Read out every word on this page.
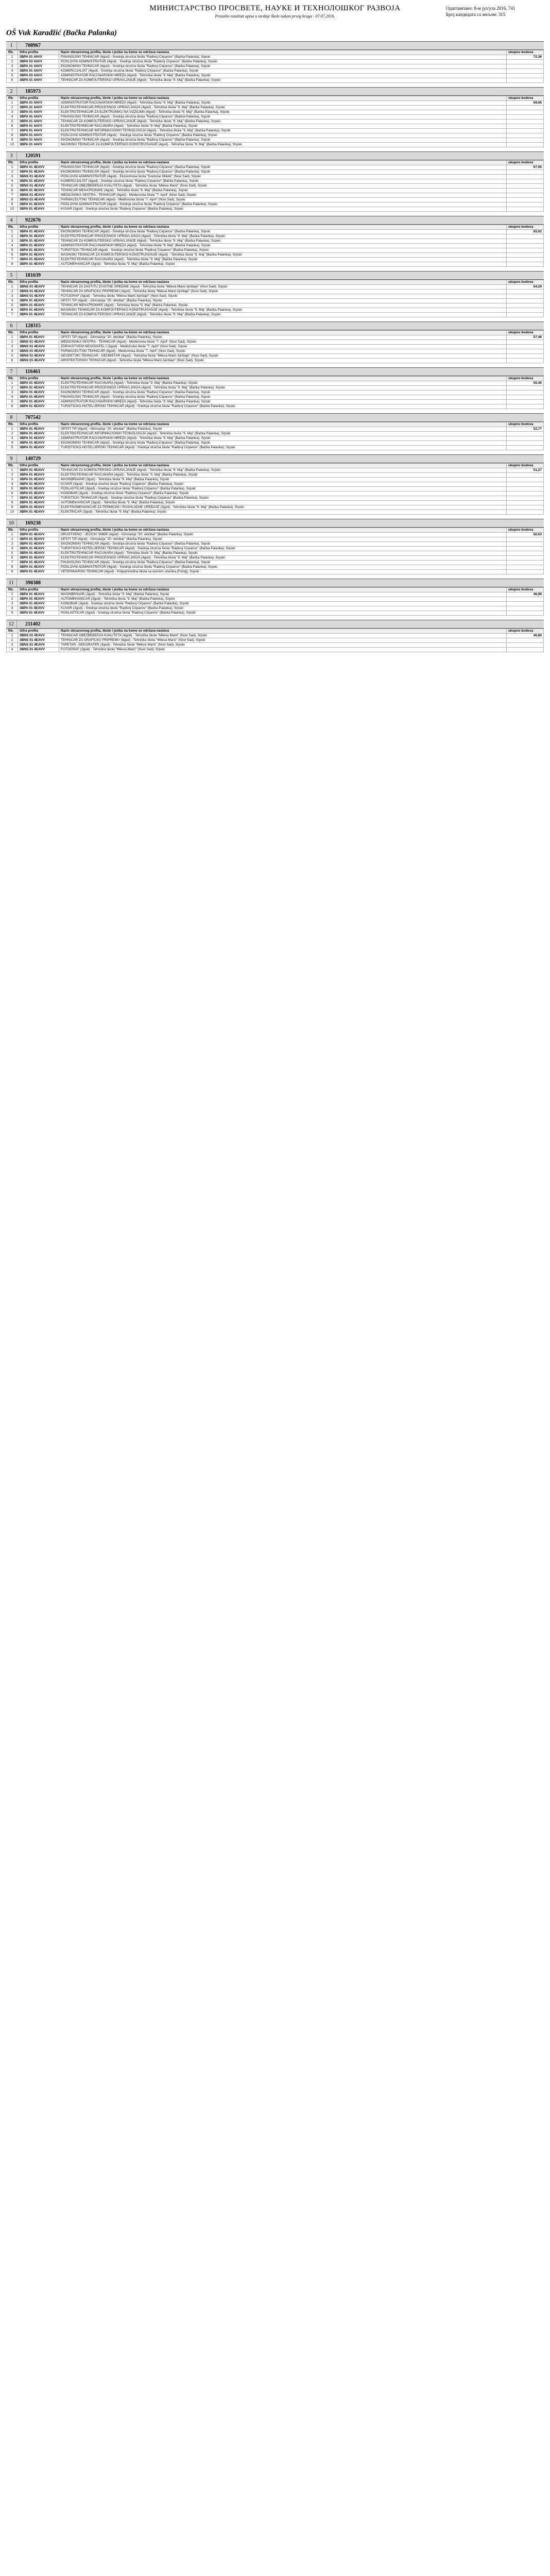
МИНИСТАРСТВО ПРОСВЕТЕ, НАУКЕ И ТЕХНОЛОШКОГ РАЗВОЈА
Pristalni rezultati upisa u srednje škole nakon prvog kruga - 07.07.2016.
Одштампано: 8-м јул/ула 2016, 741
Број кандидата са жељом: 315
OŠ Vuk Karadžić (Bačka Palanka)
1	708967
Rb.	Šifra profila	Naziv obrazovnog profila, škole i jezika na kome se održava nastava	ukupno bodova
1	3BPA 01 4AVV	FINANSIJSKI TEHNIČAR (4god) - Srednja stručna škola "Radivoj Ćirpanov" (Bačka Palanka), Srpski	72,36
2	3BPA 03 4AVV	POSLOVNI ADMINISTRATOR (4god) - Srednja stručna škola "Radivoj Ćirpanov" (Bačka Palanka), Srpski	
3	3BPA 01 4AVV	EKONOMSKI TEHNIČAR (4god) - Srednja stručna škola "Radivoj Ćirpanov" (Bačka Palanka), Srpski	
4	3BPA 01 4AVV	KOMERCIJALIST (4god) - Srednja stručna škola "Radivoj Ćirpanov" (Bačka Palanka), Srpski	
5	3BPA 03 4AVV	ADMINISTRATOR RAČUNARSKIH MREŽA (4god) - Tehnička škola "9. Maj" (Bačka Palanka), Srpski	
6	3BPA 01 4AVV	TEHNIČAR ZA KOMPJUTERSKO UPRAVLJANJE (4god) - Tehnička škola "9. Maj" (Bačka Palanka), Srpski	
2	185973
Rb.	Šifra profila	Naziv obrazovnog profila, škole i jezika na kome se održava nastava	ukupno bodova
1	3BPA 01 4AVV	ADMINISTRATOR RAČUNARSKIH MREŽA (4god) - Tehnička škola "9. Maj" (Bačka Palanka), Srpski	69,06
2	3BPA 01 4AVV	ELEKTROTEHNIČAR PROCESNOG UPRAVLJANJA (4god) - Tehnička škola "9. Maj" (Bačka Palanka), Srpski	
3	3BPA 01 4AVV	ELEKTROTEHNIČAR ZA ELEKTRONIKU NA VOZILIMA (4god) - Tehnička škola "9. Maj" (Bačka Palanka), Srpski	
4	3BPA 01 4AVV	FINANSIJSKI TEHNIČAR (4god) - Srednja stručna škola "Radivoj Ćirpanov" (Bačka Palanka), Srpski	
5	3BPA 01 4AVV	TEHNIČAR ZA KOMPJUTERSKO UPRAVLJANJE (4god) - Tehnička škola "9. Maj" (Bačka Palanka), Srpski	
6	3BPA 01 4AVV	ELEKTROTEHNIČAR RAČUNARA (4god) - Tehnička škola "9. Maj" (Bačka Palanka), Srpski	
7	3BPA 01 4AVV	ELEKTROTEHNIČAR INFORMACIONIH TEHNOLOGIJA (4god) - Tehnička škola "9. Maj" (Bačka Palanka), Srpski	
8	3BPA 01 4AVV	POSLOVNI ADMINISTRATOR (4god) - Srednja stručna škola "Radivoj Ćirpanov" (Bačka Palanka), Srpski	
9	3BPA 01 4AVV	EKONOMSKI TEHNIČAR (4god) - Srednja stručna škola "Radivoj Ćirpanov" (Bačka Palanka), Srpski	
10	3BPA 01 4AVV	MAŠINSKI TEHNIČAR ZA KOMPJUTERSKO KONSTRUISANJE (4god) - Tehnička škola "9. Maj" (Bačka Palanka), Srpski	
3	120591
Rb.	Šifra profila	Naziv obrazovnog profila, škole i jezika na kome se održava nastava	ukupno bodova
1	3BPA 01 4EAVV	FINANSIJSKI TEHNIČAR (4god) - Srednja stručna škola "Radivoj Ćirpanov" (Bačka Palanka), Srpski	67,06
2	3BPA 01 4EAVV	EKONOMSKI TEHNIČAR (4god) - Srednja stručna škola "Radivoj Ćirpanov" (Bačka Palanka), Srpski	
3	3BNS 01 4EAVV	POSLOVNI ADMINISTRATOR (4god) - Ekonomska škola "Svetozar Miletić" (Novi Sad), Srpski	
4	3BPA 01 4EAVV	KOMERCIJALIST (4god) - Srednja stručna škola "Radivoj Ćirpanov" (Bačka Palanka), Srpski	
5	3BNS 01 4EAVV	TEHNIČAR OBEZBEĐENJA KVALITETA (4god) - Tehnička škola "Mileva Marić" (Novi Sad), Srpski	
6	3BPA 01 4EAVV	TEHNIČAR MEHATRONIKE (4god) - Tehnička škola "9. Maj" (Bačka Palanka), Srpski	
7	3BNS 01 4EAVV	MEDICINSKA SESTRA - TEHNIČAR (4god) - Medicinska škola "7. April" (Novi Sad), Srpski	
8	3BNS 01 4EAVV	FARMACEUTSKI TEHNIČAR (4god) - Medicinska škola "7. April" (Novi Sad), Srpski	
9	3BPA 01 4EAVV	POSLOVNI ADMINISTRATOR (4god) - Srednja stručna škola "Radivoj Ćirpanov" (Bačka Palanka), Srpski	
10	3BPA 01 4EAVV	KUVAR (3god) - Srednja stručna škola "Radivoj Ćirpanov" (Bačka Palanka), Srpski	
4	922676
Rb.	Šifra profila	Naziv obrazovnog profila, škole i jezika na kome se održava nastava	ukupno bodova
1	3BPA 01 4EAVV	EKONOMSKI TEHNIČAR (4god) - Srednja stručna škola "Radivoj Ćirpanov" (Bačka Palanka), Srpski	65,02
2	3BPA 01 4EAVV	ELEKTROTEHNIČAR PROCESNOG UPRAVLJANJA (4god) - Tehnička škola "9. Maj" (Bačka Palanka), Srpski	
3	3BPA 01 4EAVV	TEHNIČAR ZA KOMPJUTERSKO UPRAVLJANJE (4god) - Tehnička škola "9. Maj" (Bačka Palanka), Srpski	
4	3BPA 01 4EAVV	ADMINISTRATOR RAČUNARSKIH MREŽA (4god) - Tehnička škola "9. Maj" (Bačka Palanka), Srpski	
5	3BPA 01 4EAVV	TURISTIČKI TEHNIČAR (4god) - Srednja stručna škola "Radivoj Ćirpanov" (Bačka Palanka), Srpski	
6	3BPA 01 4EAVV	MAŠINSKI TEHNIČAR ZA KOMPJUTERSKO KONSTRUISANJE (4god) - Tehnička škola "9. Maj" (Bačka Palanka), Srpski	
7	3BPA 01 4EAVV	ELEKTROTEHNIČAR RAČUNARA (4god) - Tehnička škola "9. Maj" (Bačka Palanka), Srpski	
8	3BPA 01 4EAVV	AUTOMEHANIČAR (3god) - Tehnička škola "9. Maj" (Bačka Palanka), Srpski	
5	181639
Rb.	Šifra profila	Naziv obrazovnog profila, škole i jezika na kome se održava nastava	ukupno bodova
1	3BNS 01 4EAVV	TEHNIČAR ZA ZAŠTITU ŽIVOTNE SREDINE (4god) - Tehnička škola "Mileva Marić Ajnštajn" (Novi Sad), Srpski	64,29
2	3BNS 01 4EAVV	TEHNIČAR ZA GRAFIČKU PRIPREMU (4god) - Tehnička škola "Mileva Marić Ajnštajn" (Novi Sad), Srpski	
3	3BNS 01 4EAVV	FOTOGRAF (3god) - Tehnička škola "Mileva Marić Ajnštajn" (Novi Sad), Srpski	
4	3BPA 01 4EAVV	OPŠTI TIP (4god) - Gimnazija "20. oktobar" (Bačka Palanka), Srpski	
5	3BPA 01 4EAVV	TEHNIČAR MEHATRONIKE (4god) - Tehnička škola "9. Maj" (Bačka Palanka), Srpski	
6	3BPA 01 4EAVV	MAŠINSKI TEHNIČAR ZA KOMPJUTERSKO KONSTRUISANJE (4god) - Tehnička škola "9. Maj" (Bačka Palanka), Srpski	
7	3BPA 01 4EAVV	TEHNIČAR ZA KOMPJUTERSKO UPRAVLJANJE (4god) - Tehnička škola "9. Maj" (Bačka Palanka), Srpski	
6	128315
Rb.	Šifra profila	Naziv obrazovnog profila, škole i jezika na kome se održava nastava	ukupno bodova
1	3BPA 01 4EAVV	OPŠTI TIP (4god) - Gimnazija "20. oktobar" (Bačka Palanka), Srpski	57,46
2	3BNS 01 4EAVV	MEDICINSKA SESTRA - TEHNIČAR (4god) - Medicinska škola "7. April" (Novi Sad), Srpski	
3	3BNS 01 4EAVV	ZDRAVSTVENI NEGOVATELJ (3god) - Medicinska škola "7. April" (Novi Sad), Srpski	
4	3BNS 01 4EAVV	FARMACEUTSKI TEHNIČAR (4god) - Medicinska škola "7. April" (Novi Sad), Srpski	
5	3BNS 01 4EAVV	GEODETSKI TEHNIČAR - GEOMETAR (4god) - Tehnička škola "Mileva Marić Ajnštajn" (Novi Sad), Srpski	
6	3BNS 01 4EAVV	ARHITEKTONSKI TEHNIČAR (4god) - Tehnička škola "Mileva Marić Ajnštajn" (Novi Sad), Srpski	
7	116461
Rb.	Šifra profila	Naziv obrazovnog profila, škole i jezika na kome se održava nastava	ukupno bodova
1	3BPA 01 4EAVV	ELEKTROTEHNIČAR RAČUNARA (4god) - Tehnička škola "9. Maj" (Bačka Palanka), Srpski	55,40
2	3BPA 01 4EAVV	ELEKTROTEHNIČAR PROCESNOG UPRAVLJANJA (4god) - Tehnička škola "9. Maj" (Bačka Palanka), Srpski	
3	3BPA 01 4EAVV	EKONOMSKI TEHNIČAR (4god) - Srednja stručna škola "Radivoj Ćirpanov" (Bačka Palanka), Srpski	
4	3BPA 01 4EAVV	FINANSIJSKI TEHNIČAR (4god) - Srednja stručna škola "Radivoj Ćirpanov" (Bačka Palanka), Srpski	
5	3BPA 01 4EAVV	ADMINISTRATOR RAČUNARSKIH MREŽA (4god) - Tehnička škola "9. Maj" (Bačka Palanka), Srpski	
6	3BPA 01 4EAVV	TURISTIČKO-HOTELIJERSKI TEHNIČAR (4god) - Srednja stručna škola "Radivoj Ćirpanov" (Bačka Palanka), Srpski	
8	707542
Rb.	Šifra profila	Naziv obrazovnog profila, škole i jezika na kome se održava nastava	ukupno bodova
1	3BPA 01 4EAVV	OPŠTI TIP (4god) - Gimnazija "20. oktobar" (Bačka Palanka), Srpski	52,77
2	3BPA 01 4EAVV	ELEKTROTEHNIČAR INFORMACIONIH TEHNOLOGIJA (4god) - Tehnička škola "9. Maj" (Bačka Palanka), Srpski	
3	3BPA 01 4EAVV	ADMINISTRATOR RAČUNARSKIH MREŽA (4god) - Tehnička škola "9. Maj" (Bačka Palanka), Srpski	
4	3BPA 01 4EAVV	EKONOMSKI TEHNIČAR (4god) - Srednja stručna škola "Radivoj Ćirpanov" (Bačka Palanka), Srpski	
5	3BPA 01 4EAVV	TURISTIČKO-HOTELIJERSKI TEHNIČAR (4god) - Srednja stručna škola "Radivoj Ćirpanov" (Bačka Palanka), Srpski	
9	140729
Rb.	Šifra profila	Naziv obrazovnog profila, škole i jezika na kome se održava nastava	ukupno bodova
1	3BPA 01 4EAVV	TEHNIČAR ZA KOMPJUTERSKO UPRAVLJANJE (4god) - Tehnička škola "9. Maj" (Bačka Palanka), Srpski	51,27
2	3BPA 01 4EAVV	ELEKTROTEHNIČAR RAČUNARA (4god) - Tehnička škola "9. Maj" (Bačka Palanka), Srpski	
3	3BPA 01 4EAVV	MAŠINBRAVAR (3god) - Tehnička škola "9. Maj" (Bačka Palanka), Srpski	
4	3BPA 01 4EAVV	KUVAR (3god) - Srednja stručna škola "Radivoj Ćirpanov" (Bačka Palanka), Srpski	
5	3BPA 01 4EAVV	POSLASTIČAR (3god) - Srednja stručna škola "Radivoj Ćirpanov" (Bačka Palanka), Srpski	
6	3BPA 01 4EAVV	KONOBAR (3god) - Srednja stručna škola "Radivoj Ćirpanov" (Bačka Palanka), Srpski	
7	3BPA 01 4EAVV	TURISTIČKI TEHNIČAR (4god) - Srednja stručna škola "Radivoj Ćirpanov" (Bačka Palanka), Srpski	
8	3BPA 01 4EAVV	AUTOMEHANIČAR (3god) - Tehnička škola "9. Maj" (Bačka Palanka), Srpski	
9	3BPA 01 4EAVV	ELEKTROMEHANIČAR ZA TERMIČKE I RASHLADNE UREĐAJE (3god) - Tehnička škola "9. Maj" (Bačka Palanka), Srpski	
10	3BPA 01 4EAVV	ELEKTRIČAR (3god) - Tehnička škola "9. Maj" (Bačka Palanka), Srpski	
10	169238
Rb.	Šifra profila	Naziv obrazovnog profila, škole i jezika na kome se održava nastava	ukupno bodova
1	3BPA 01 4EAVV	DRUŠTVENO - JEZIČKI SMER (4god) - Gimnazija "20. oktobar" (Bačka Palanka), Srpski	50,63
2	3BPA 01 4EAVV	OPŠTI TIP (4god) - Gimnazija "20. oktobar" (Bačka Palanka), Srpski	
3	3BPA 01 4EAVV	EKONOMSKI TEHNIČAR (4god) - Srednja stručna škola "Radivoj Ćirpanov" (Bačka Palanka), Srpski	
4	3BPA 01 4EAVV	TURISTIČKO-HOTELIJERSKI TEHNIČAR (4god) - Srednja stručna škola "Radivoj Ćirpanov" (Bačka Palanka), Srpski	
5	3BPA 01 4EAVV	ELEKTROTEHNIČAR RAČUNARA (4god) - Tehnička škola "9. Maj" (Bačka Palanka), Srpski	
6	3BPA 01 4EAVV	ELEKTROTEHNIČAR PROCESNOG UPRAVLJANJA (4god) - Tehnička škola "9. Maj" (Bačka Palanka), Srpski	
7	3BPA 01 4EAVV	FINANSIJSKI TEHNIČAR (4god) - Srednja stručna škola "Radivoj Ćirpanov" (Bačka Palanka), Srpski	
8	3BPA 01 4EAVV	POSLOVNI ADMINISTRATOR (4god) - Srednja stručna škola "Radivoj Ćirpanov" (Bačka Palanka), Srpski	
9	3BPA 01 4EAVV	VETERINARSKI TEHNIČAR (4god) - Poljoprivredna škola sa domom učenika (Futog), Srpski	
11	398388
Rb.	Šifra profila	Naziv obrazovnog profila, škole i jezika na kome se održava nastava	ukupno bodova
1	3BPA 01 4EAVV	MAŠINBRAVAR (3god) - Tehnička škola "9. Maj" (Bačka Palanka), Srpski	46,99
2	3BPA 01 4EAVV	AUTOMEHANIČAR (3god) - Tehnička škola "9. Maj" (Bačka Palanka), Srpski	
3	3BPA 01 4EAVV	KONOBAR (3god) - Srednja stručna škola "Radivoj Ćirpanov" (Bačka Palanka), Srpski	
4	3BPA 01 4EAVV	KUVAR (3god) - Srednja stručna škola "Radivoj Ćirpanov" (Bačka Palanka), Srpski	
5	3BPA 01 4EAVV	POSLASTIČAR (3god) - Srednja stručna škola "Radivoj Ćirpanov" (Bačka Palanka), Srpski	
12	211402
Rb.	Šifra profila	Naziv obrazovnog profila, škole i jezika na kome se održava nastava	ukupno bodova
1	3BNS 01 4EAVV	TEHNIČAR OBEZBEĐENJA KVALITETA (4god) - Tehnička škola "Mileva Marić" (Novi Sad), Srpski	46,80
2	3BNS 01 4EAVV	TEHNIČAR ZA GRAFIČKU PRIPREMU (4god) - Tehnička škola "Mileva Marić" (Novi Sad), Srpski	
3	3BNS 01 4EAVV	TAPETAR - DEKORATER (3god) - Tehnička škola "Mileva Marić" (Novi Sad), Srpski	
4	3BNS 01 4EAVV	FOTOGRAF (3god) - Tehnička škola "Mileva Marić" (Novi Sad), Srpski	
